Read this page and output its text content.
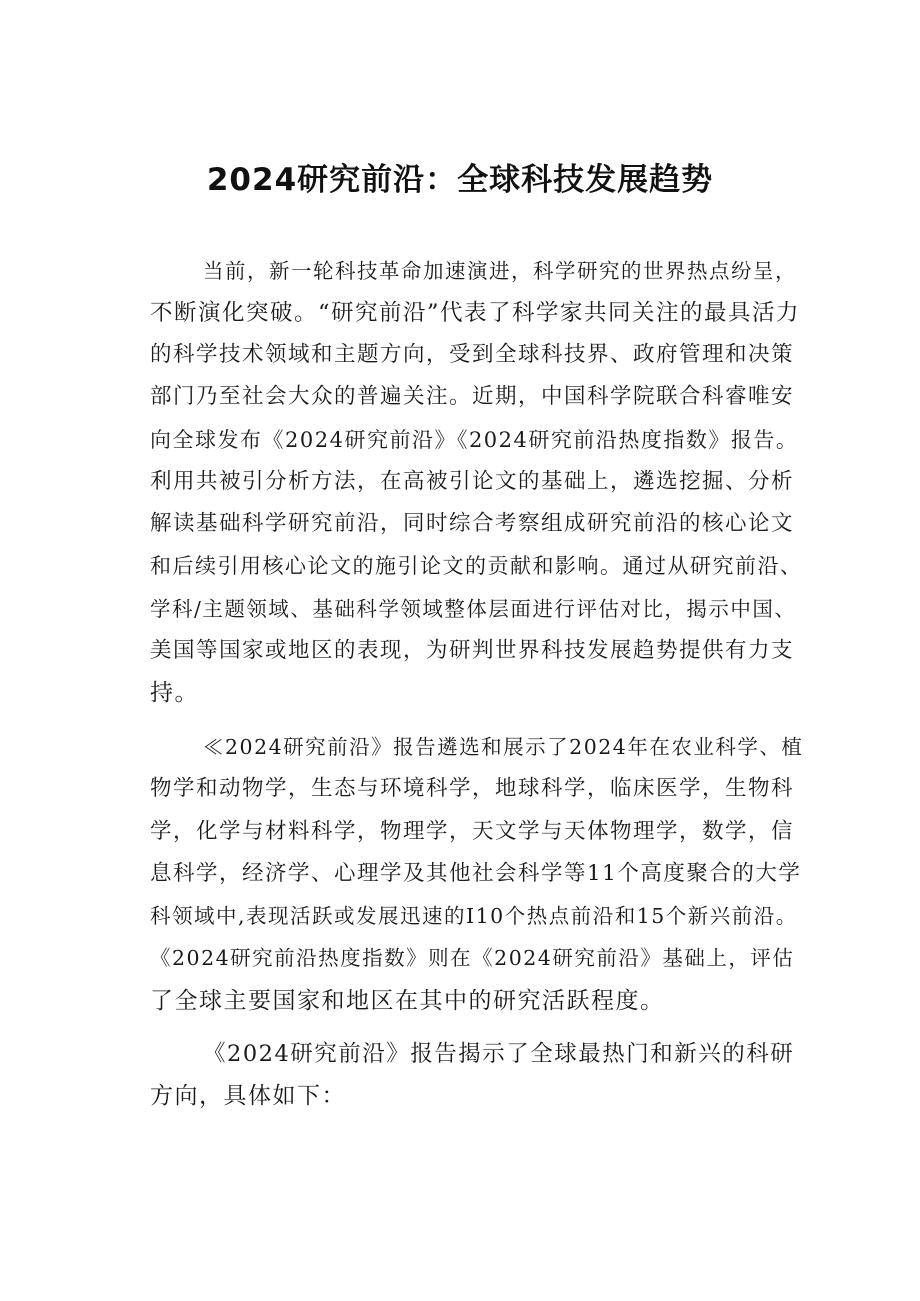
2024研究前沿：全球科技发展趋势

当前，新一轮科技革命加速演进，科学研究的世界热点纷呈，

不断演化突破。“研究前沿”代表了科学家共同关注的最具活力

的科学技术领域和主题方向，受到全球科技界、政府管理和决策

部门乃至社会大众的普遍关注。近期，中国科学院联合科睿唯安

向全球发布《2024研究前沿》《2024研究前沿热度指数》报告。

利用共被引分析方法，在高被引论文的基础上，遴选挖掘、分析

解读基础科学研究前沿，同时综合考察组成研究前沿的核心论文

和后续引用核心论文的施引论文的贡献和影响。通过从研究前沿、

学科/主题领域、基础科学领域整体层面进行评估对比，揭示中国、

美国等国家或地区的表现，为研判世界科技发展趋势提供有力支

持。

≪2024研究前沿》报告遴选和展示了2024年在农业科学、植

物学和动物学，生态与环境科学，地球科学，临床医学，生物科

学，化学与材料科学，物理学，天文学与天体物理学，数学，信

息科学，经济学、心理学及其他社会科学等11个高度聚合的大学

科领域中,表现活跃或发展迅速的I10个热点前沿和15个新兴前沿。

《2024研究前沿热度指数》则在《2024研究前沿》基础上，评估

了全球主要国家和地区在其中的研究活跃程度。

《2024研究前沿》报告揭示了全球最热门和新兴的科研

方向，具体如下：
